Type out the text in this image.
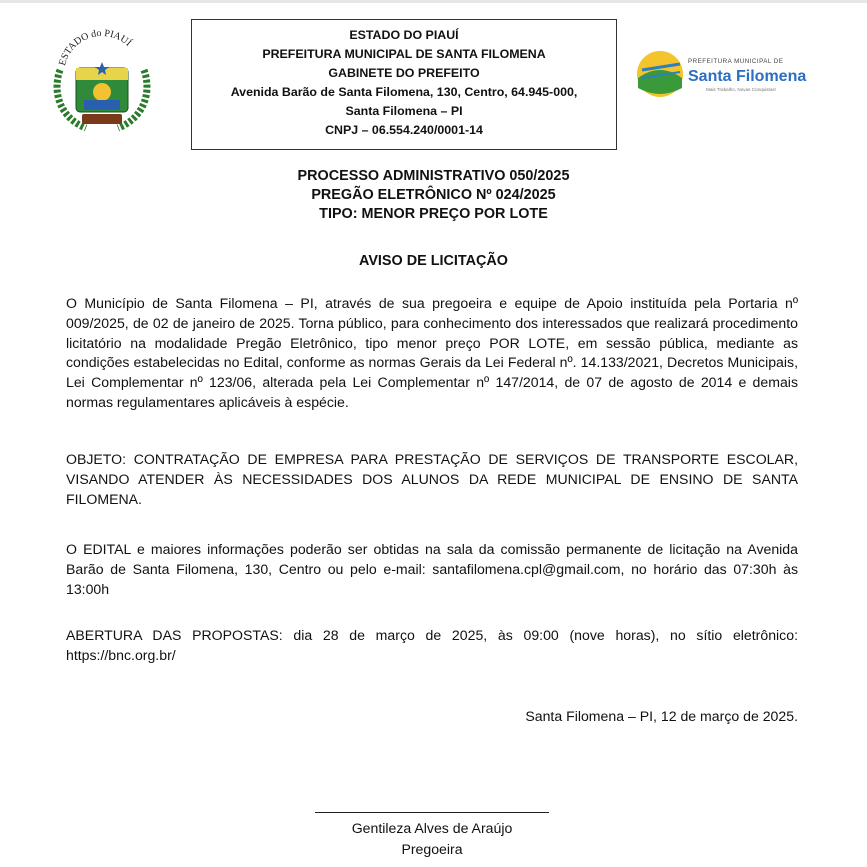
ESTADO do PIAUÍ
ESTADO DO PIAUÍ
PREFEITURA MUNICIPAL DE SANTA FILOMENA
GABINETE DO PREFEITO
Avenida Barão de Santa Filomena, 130, Centro, 64.945-000,
Santa Filomena – PI
CNPJ – 06.554.240/0001-14
PREFEITURA MUNICIPAL DE
Santa Filomena
Mais Trabalho, Novas Conquistas!
PROCESSO ADMINISTRATIVO 050/2025
PREGÃO ELETRÔNICO Nº 024/2025
TIPO: MENOR PREÇO POR LOTE
AVISO DE LICITAÇÃO
O Município de Santa Filomena – PI, através de sua pregoeira e equipe de Apoio instituída pela Portaria nº 009/2025, de 02 de janeiro de 2025. Torna público, para conhecimento dos interessados que realizará procedimento licitatório na modalidade Pregão Eletrônico, tipo menor preço POR LOTE, em sessão pública, mediante as condições estabelecidas no Edital, conforme as normas Gerais da Lei Federal nº. 14.133/2021, Decretos Municipais, Lei Complementar nº 123/06, alterada pela Lei Complementar nº 147/2014, de 07 de agosto de 2014 e demais normas regulamentares aplicáveis à espécie.
OBJETO: CONTRATAÇÃO DE EMPRESA PARA PRESTAÇÃO DE SERVIÇOS DE TRANSPORTE ESCOLAR, VISANDO ATENDER ÀS NECESSIDADES DOS ALUNOS DA REDE MUNICIPAL DE ENSINO DE SANTA FILOMENA.
O EDITAL e maiores informações poderão ser obtidas na sala da comissão permanente de licitação na Avenida Barão de Santa Filomena, 130, Centro ou pelo e-mail: santafilomena.cpl@gmail.com, no horário das 07:30h às 13:00h
ABERTURA DAS PROPOSTAS: dia 28 de março de 2025, às 09:00 (nove horas), no sítio eletrônico: https://bnc.org.br/
Santa Filomena – PI, 12 de março de 2025.
Gentileza Alves de Araújo
Pregoeira
